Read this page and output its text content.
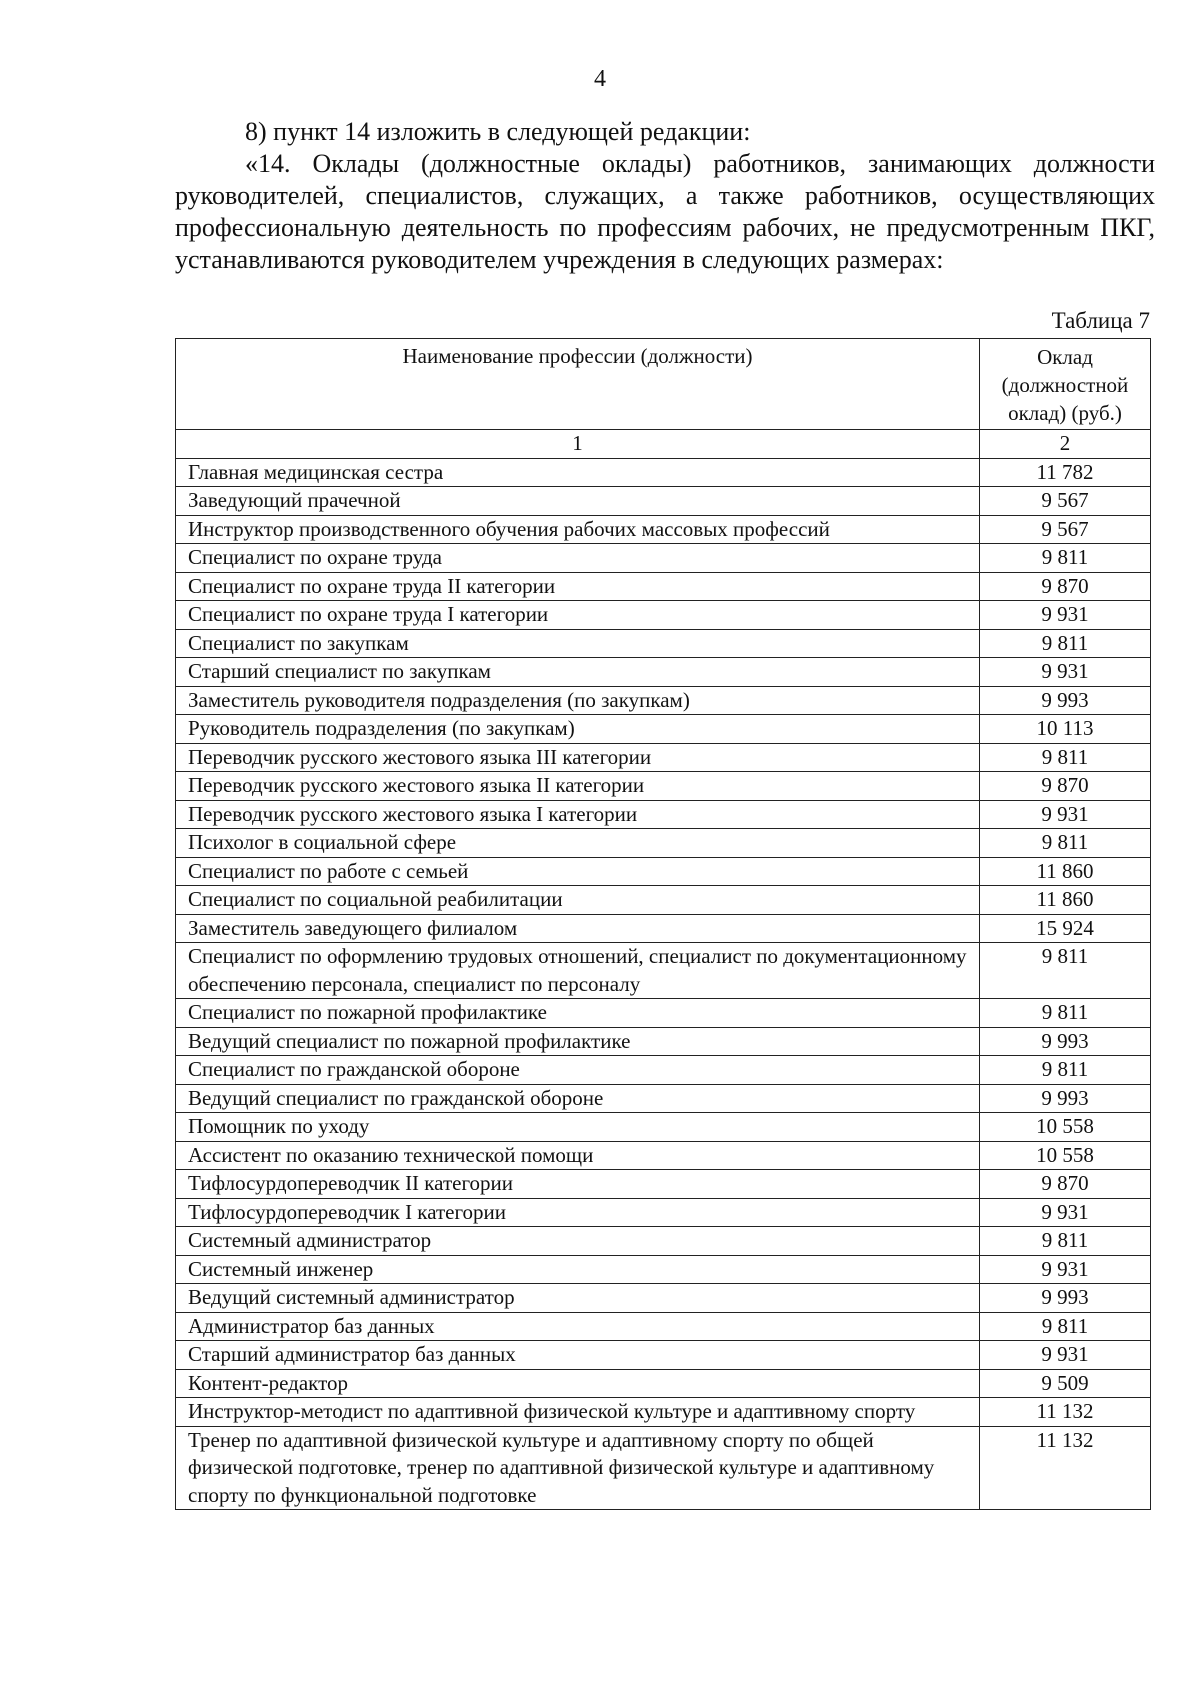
4

8) пункт 14 изложить в следующей редакции:

«14. Оклады (должностные оклады) работников, занимающих должности руководителей, специалистов, служащих, а также работников, осуществляющих профессиональную деятельность по профессиям рабочих, не предусмотренным ПКГ, устанавливаются руководителем учреждения в следующих размерах:

Таблица 7
Наименование профессии (должности)	Оклад (должностной оклад) (руб.)
1	2
Главная медицинская сестра	11 782
Заведующий прачечной	9 567
Инструктор производственного обучения рабочих массовых профессий	9 567
Специалист по охране труда	9 811
Специалист по охране труда II категории	9 870
Специалист по охране труда I категории	9 931
Специалист по закупкам	9 811
Старший специалист по закупкам	9 931
Заместитель руководителя подразделения (по закупкам)	9 993
Руководитель подразделения (по закупкам)	10 113
Переводчик русского жестового языка III категории	9 811
Переводчик русского жестового языка II категории	9 870
Переводчик русского жестового языка I категории	9 931
Психолог в социальной сфере	9 811
Специалист по работе с семьей	11 860
Специалист по социальной реабилитации	11 860
Заместитель заведующего филиалом	15 924
Специалист по оформлению трудовых отношений, специалист по документационному обеспечению персонала, специалист по персоналу	9 811
Специалист по пожарной профилактике	9 811
Ведущий специалист по пожарной профилактике	9 993
Специалист по гражданской обороне	9 811
Ведущий специалист по гражданской обороне	9 993
Помощник по уходу	10 558
Ассистент по оказанию технической помощи	10 558
Тифлосурдопереводчик II категории	9 870
Тифлосурдопереводчик I категории	9 931
Системный администратор	9 811
Системный инженер	9 931
Ведущий системный администратор	9 993
Администратор баз данных	9 811
Старший администратор баз данных	9 931
Контент-редактор	9 509
Инструктор-методист по адаптивной физической культуре и адаптивному спорту	11 132
Тренер по адаптивной физической культуре и адаптивному спорту по общей физической подготовке, тренер по адаптивной физической культуре и адаптивному спорту по функциональной подготовке	11 132
